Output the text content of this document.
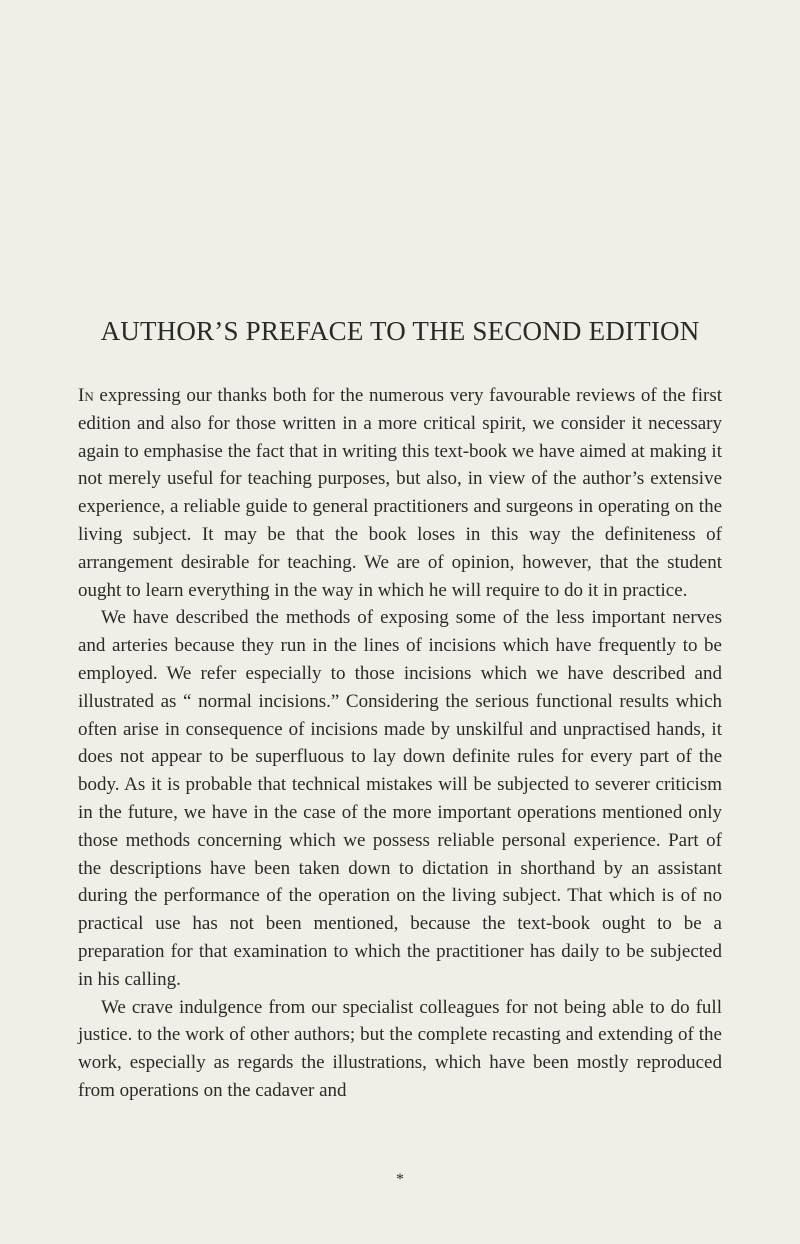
AUTHOR’S PREFACE TO THE SECOND EDITION

In expressing our thanks both for the numerous very favourable reviews of the first edition and also for those written in a more critical spirit, we consider it necessary again to emphasise the fact that in writing this text-book we have aimed at making it not merely useful for teaching purposes, but also, in view of the author’s extensive experience, a reliable guide to general practitioners and surgeons in operating on the living subject. It may be that the book loses in this way the definiteness of arrangement desirable for teaching. We are of opinion, however, that the student ought to learn everything in the way in which he will require to do it in practice.

We have described the methods of exposing some of the less important nerves and arteries because they run in the lines of incisions which have frequently to be employed. We refer especially to those incisions which we have described and illustrated as “ normal incisions.” Considering the serious functional results which often arise in consequence of incisions made by unskilful and unpractised hands, it does not appear to be superfluous to lay down definite rules for every part of the body. As it is probable that technical mistakes will be subjected to severer criticism in the future, we have in the case of the more important operations mentioned only those methods concerning which we possess reliable personal experience. Part of the descriptions have been taken down to dictation in shorthand by an assistant during the performance of the operation on the living subject. That which is of no practical use has not been mentioned, because the text-book ought to be a preparation for that examination to which the practitioner has daily to be subjected in his calling.

We crave indulgence from our specialist colleagues for not being able to do full justice. to the work of other authors; but the complete recasting and extending of the work, especially as regards the illustrations, which have been mostly reproduced from operations on the cadaver and

*
